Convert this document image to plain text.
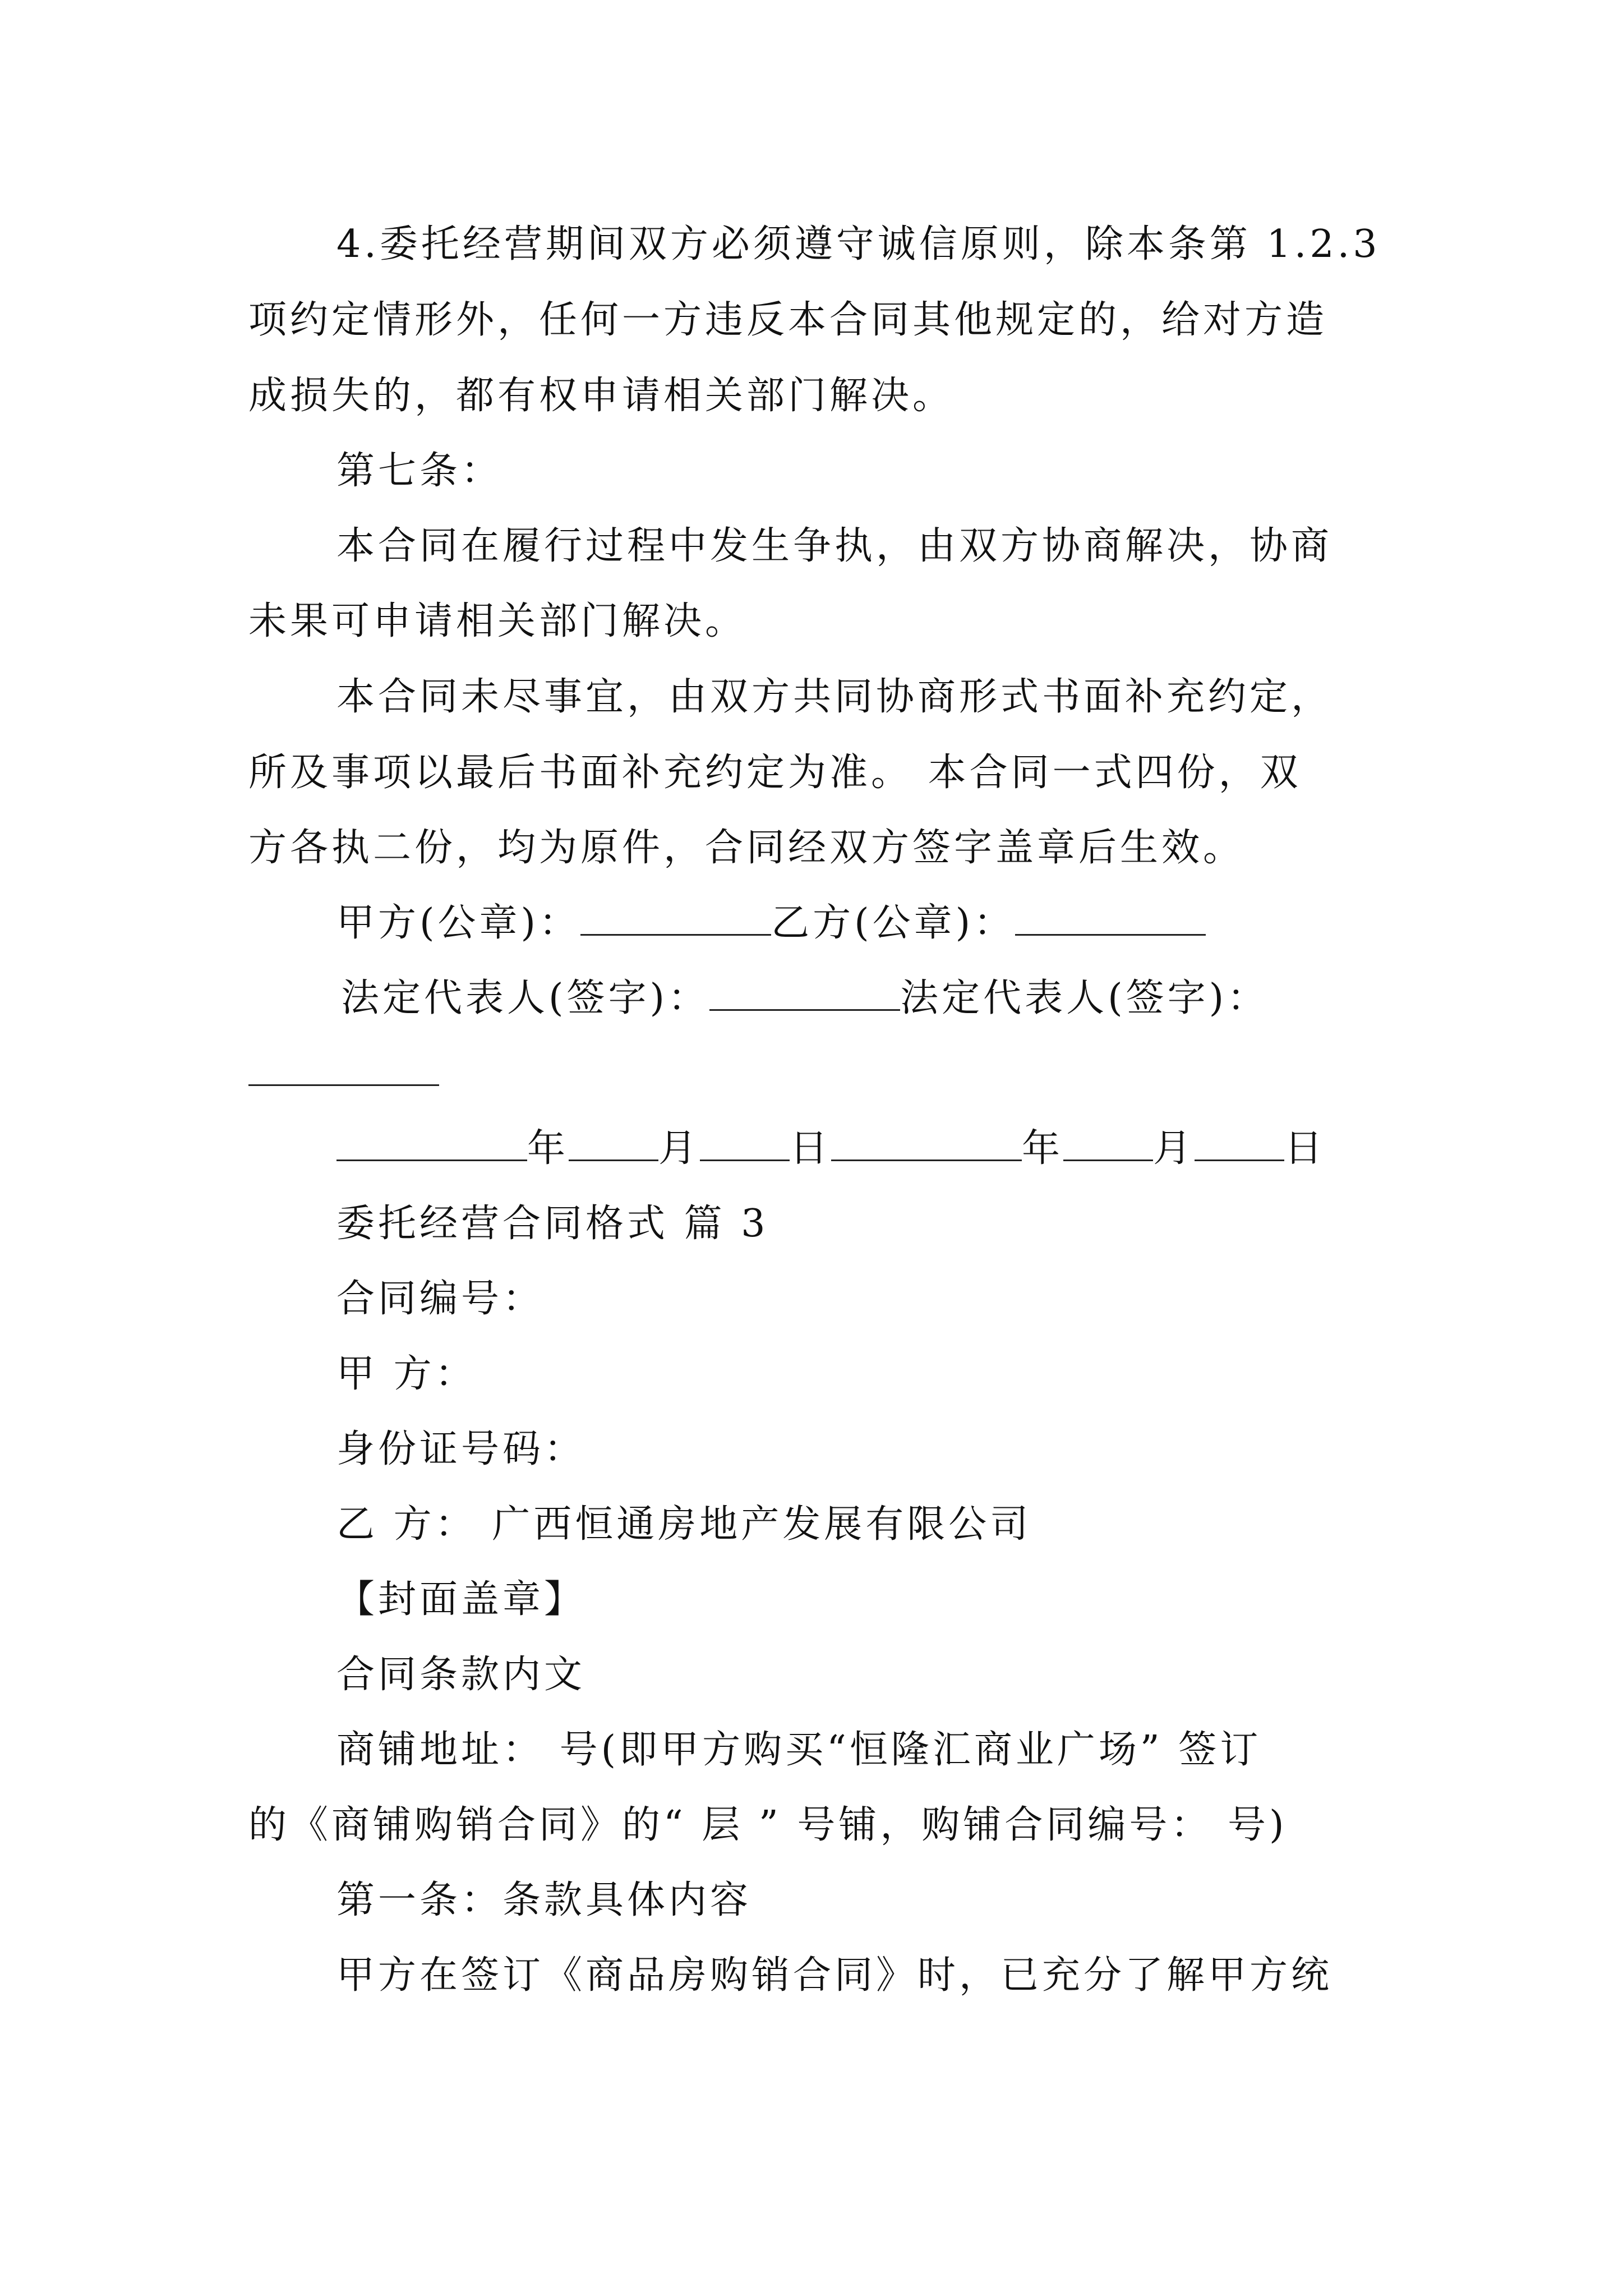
4.委托经营期间双方必须遵守诚信原则，除本条第 1.2.3
项约定情形外，任何一方违反本合同其他规定的，给对方造
成损失的，都有权申请相关部门解决。
第七条：
本合同在履行过程中发生争执，由双方协商解决，协商
未果可申请相关部门解决。
本合同未尽事宜，由双方共同协商形式书面补充约定，
所及事项以最后书面补充约定为准。 本合同一式四份，双
方各执二份，均为原件，合同经双方签字盖章后生效。
甲方(公章)：	乙方(公章)：
法定代表人(签字)：	法定代表人(签字)：
年 月 日	年 月 日
委托经营合同格式 篇 3
合同编号：
甲 方：
身份证号码：
乙 方： 广西恒通房地产发展有限公司
【封面盖章】
合同条款内文
商铺地址： 号(即甲方购买“恒隆汇商业广场” 签订
的《商铺购销合同》的“ 层 ” 号铺，购铺合同编号： 号)
第一条：条款具体内容
甲方在签订《商品房购销合同》时，已充分了解甲方统
